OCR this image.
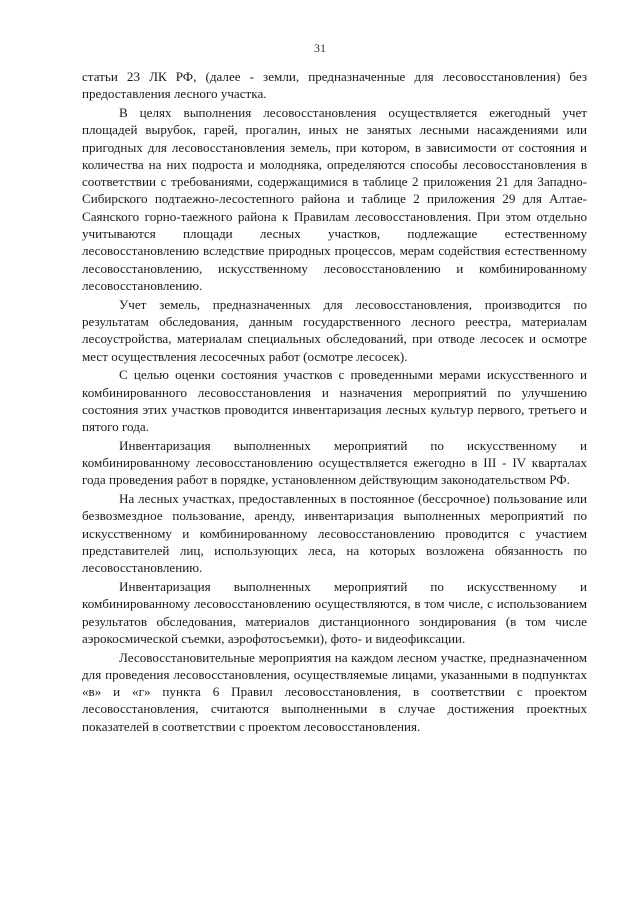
31

статьи 23 ЛК РФ, (далее - земли, предназначенные для лесовосстановления) без предоставления лесного участка.

В целях выполнения лесовосстановления осуществляется ежегодный учет площадей вырубок, гарей, прогалин, иных не занятых лесными насаждениями или пригодных для лесовосстановления земель, при котором, в зависимости от состояния и количества на них подроста и молодняка, определяются способы лесовосстановления в соответствии с требованиями, содержащимися в таблице 2 приложения 21 для Западно-Сибирского подтаежно-лесостепного района и таблице 2 приложения 29 для Алтае-Саянского горно-таежного района к Правилам лесовосстановления. При этом отдельно учитываются площади лесных участков, подлежащие естественному лесовосстановлению вследствие природных процессов, мерам содействия естественному лесовосстановлению, искусственному лесовосстановлению и комбинированному лесовосстановлению.

Учет земель, предназначенных для лесовосстановления, производится по результатам обследования, данным государственного лесного реестра, материалам лесоустройства, материалам специальных обследований, при отводе лесосек и осмотре мест осуществления лесосечных работ (осмотре лесосек).

С целью оценки состояния участков с проведенными мерами искусственного и комбинированного лесовосстановления и назначения мероприятий по улучшению состояния этих участков проводится инвентаризация лесных культур первого, третьего и пятого года.

Инвентаризация выполненных мероприятий по искусственному и комбинированному лесовосстановлению осуществляется ежегодно в III - IV кварталах года проведения работ в порядке, установленном действующим законодательством РФ.

На лесных участках, предоставленных в постоянное (бессрочное) пользование или безвозмездное пользование, аренду, инвентаризация выполненных мероприятий по искусственному и комбинированному лесовосстановлению проводится с участием представителей лиц, использующих леса, на которых возложена обязанность по лесовосстановлению.

Инвентаризация выполненных мероприятий по искусственному и комбинированному лесовосстановлению осуществляются, в том числе, с использованием результатов обследования, материалов дистанционного зондирования (в том числе аэрокосмической съемки, аэрофотосъемки), фото- и видеофиксации.

Лесовосстановительные мероприятия на каждом лесном участке, предназначенном для проведения лесовосстановления, осуществляемые лицами, указанными в подпунктах «в» и «г» пункта 6 Правил лесовосстановления, в соответствии с проектом лесовосстановления, считаются выполненными в случае достижения проектных показателей в соответствии с проектом лесовосстановления.
